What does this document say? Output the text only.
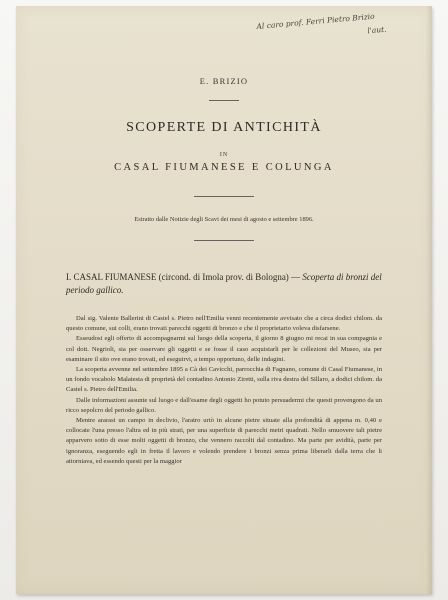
Al caro prof. Ferri Pietro Brizio
l'aut.
E. BRIZIO
SCOPERTE DI ANTICHITÀ
IN
CASAL FIUMANESE E COLUNGA
Estratto dalle Notizie degli Scavi dei mesi di agosto e settembre 1896.
I. CASAL FIUMANESE (circond. di Imola prov. di Bologna) — Scoperta di bronzi del periodo gallico.

Dal sig. Valente Ballerini di Castel s. Pietro nell'Emilia venni recentemente avvisato che a circa dodici chilom. da questo comune, sui colli, erano trovati parecchi oggetti di bronzo e che il proprietario voleva disfarsene.

Esseudosi egli offerto di accompagnarmi sul luogo della scoperta, il giorno 8 giugno mi recai in sua compagnia e col dott. Negrioli, sia per osservare gli oggetti e se fosse il caso acquistarli per le collezioni del Museo, sia per esaminare il sito ove erano trovati, ed eseguirvi, a tempo opportuno, delle indagini.

La scoperta avvenne nel settembre 1895 a Cà dei Cavicchi, parrocchia di Fagnano, comune di Casal Fiumanese, in un fondo vocabolo Malatesta di proprietà del contadino Antonio Ziretti, sulla riva destra del Sillaro, a dodici chilom. da Castel s. Pietro dell'Emilia.

Dalle informazioni assunte sul luogo e dall'esame degli oggetti ho potuto persuadermi che questi provengono da un ricco sepolcro del periodo gallico.

Mentre ararasi un campo in declivio, l'aratro urtò in alcune pietre situate alla profondità di appena m. 0,40 e collocate l'una presso l'altra ed in più strati, per una superficie di parecchi metri quadrati. Nello smuovere tali pietre apparvero sotto di esse molti oggetti di bronzo, che vennero raccolti dal contadino. Ma parte per avidità, parte per ignoranza, eseguendo egli in fretta il lavoro e volendo prendere i bronzi senza prima liberarli dalla terra che li attorniava, ed essendo questi per la maggior
